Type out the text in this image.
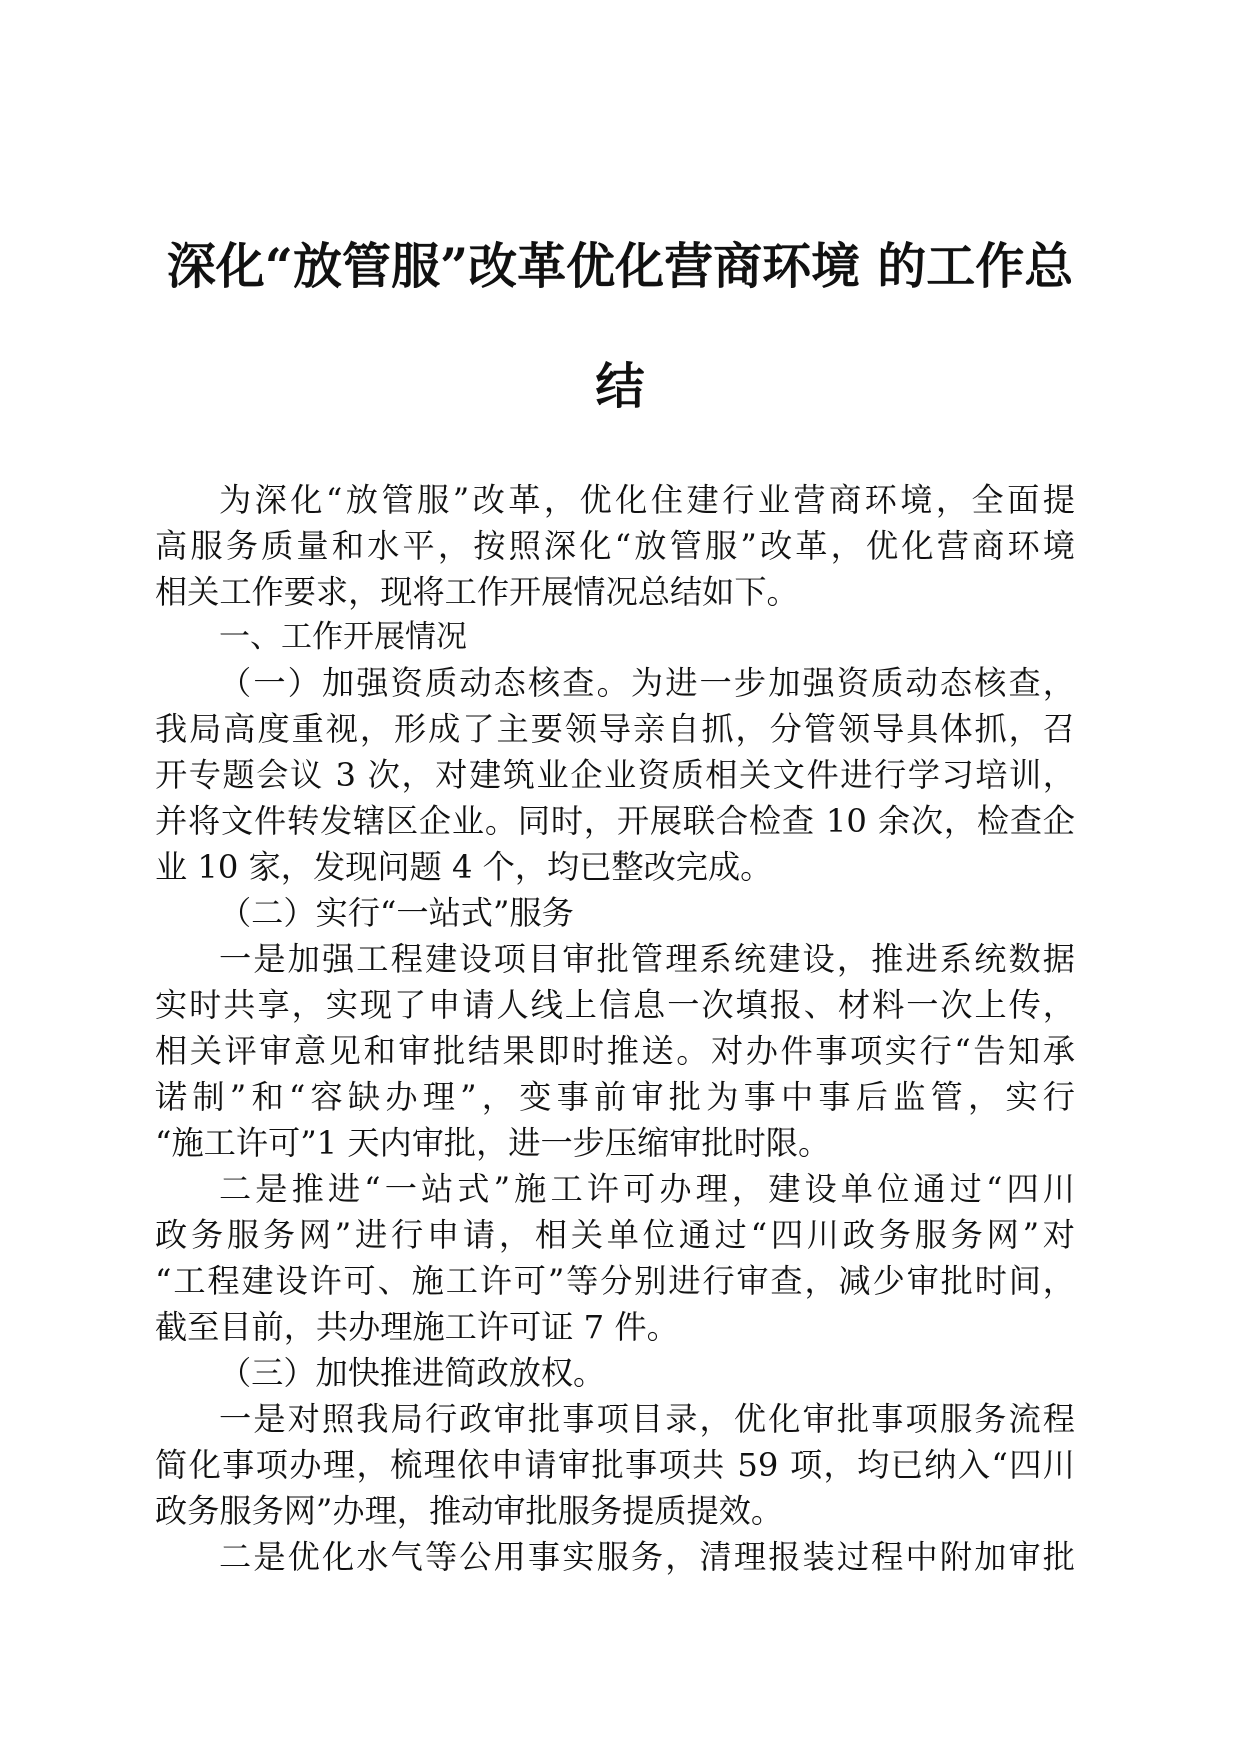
深化“放管服”改革优化营商环境 的工作总
结
为深化“放管服”改革，优化住建行业营商环境，全面提
高服务质量和水平，按照深化“放管服”改革，优化营商环境
相关工作要求，现将工作开展情况总结如下。
一、工作开展情况
（一）加强资质动态核查。为进一步加强资质动态核查，
我局高度重视，形成了主要领导亲自抓，分管领导具体抓，召
开专题会议 3 次，对建筑业企业资质相关文件进行学习培训，
并将文件转发辖区企业。同时，开展联合检查 10 余次，检查企
业 10 家，发现问题 4 个，均已整改完成。
（二）实行“一站式”服务
一是加强工程建设项目审批管理系统建设，推进系统数据
实时共享，实现了申请人线上信息一次填报、材料一次上传，
相关评审意见和审批结果即时推送。对办件事项实行“告知承
诺制”和“容缺办理”，变事前审批为事中事后监管，实行
“施工许可”1 天内审批，进一步压缩审批时限。
二是推进“一站式”施工许可办理，建设单位通过“四川
政务服务网”进行申请，相关单位通过“四川政务服务网”对
“工程建设许可、施工许可”等分别进行审查，减少审批时间，
截至目前，共办理施工许可证 7 件。
（三）加快推进简政放权。
一是对照我局行政审批事项目录，优化审批事项服务流程
简化事项办理，梳理依申请审批事项共 59 项，均已纳入“四川
政务服务网”办理，推动审批服务提质提效。
二是优化水气等公用事实服务，清理报装过程中附加审批
